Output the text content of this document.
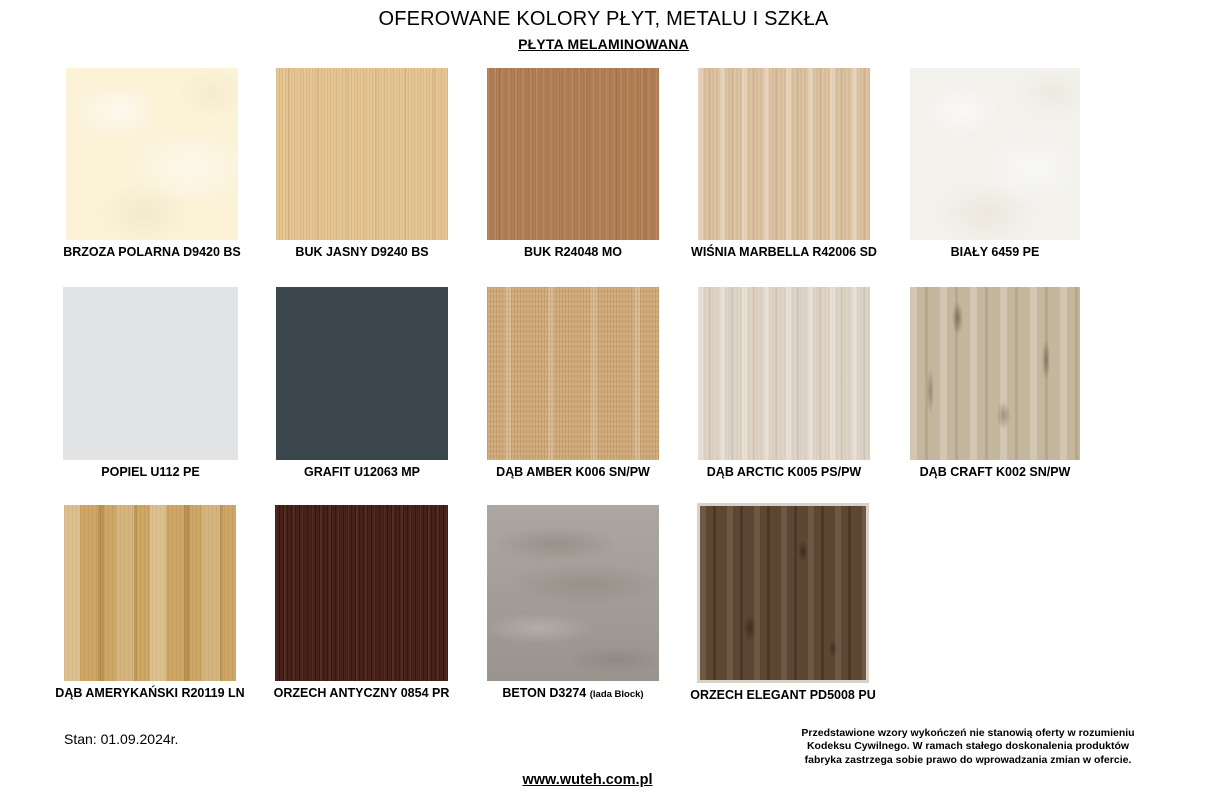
OFEROWANE KOLORY PŁYT, METALU I SZKŁA
PŁYTA MELAMINOWANA
BRZOZA POLARNA D9420 BS	BUK JASNY D9240 BS	BUK R24048 MO	WIŚNIA MARBELLA R42006 SD	BIAŁY 6459 PE
POPIEL U112 PE	GRAFIT U12063 MP	DĄB AMBER K006 SN/PW	DĄB ARCTIC K005 PS/PW	DĄB CRAFT K002 SN/PW
DĄB AMERYKAŃSKI R20119 LN	ORZECH ANTYCZNY 0854 PR	BETON D3274 (lada Block)	ORZECH ELEGANT PD5008 PU
Stan: 01.09.2024r.	Przedstawione wzory wykończeń nie stanowią oferty w rozumieniu Kodeksu Cywilnego. W ramach stałego doskonalenia produktów fabryka zastrzega sobie prawo do wprowadzania zmian w ofercie.
www.wuteh.com.pl
